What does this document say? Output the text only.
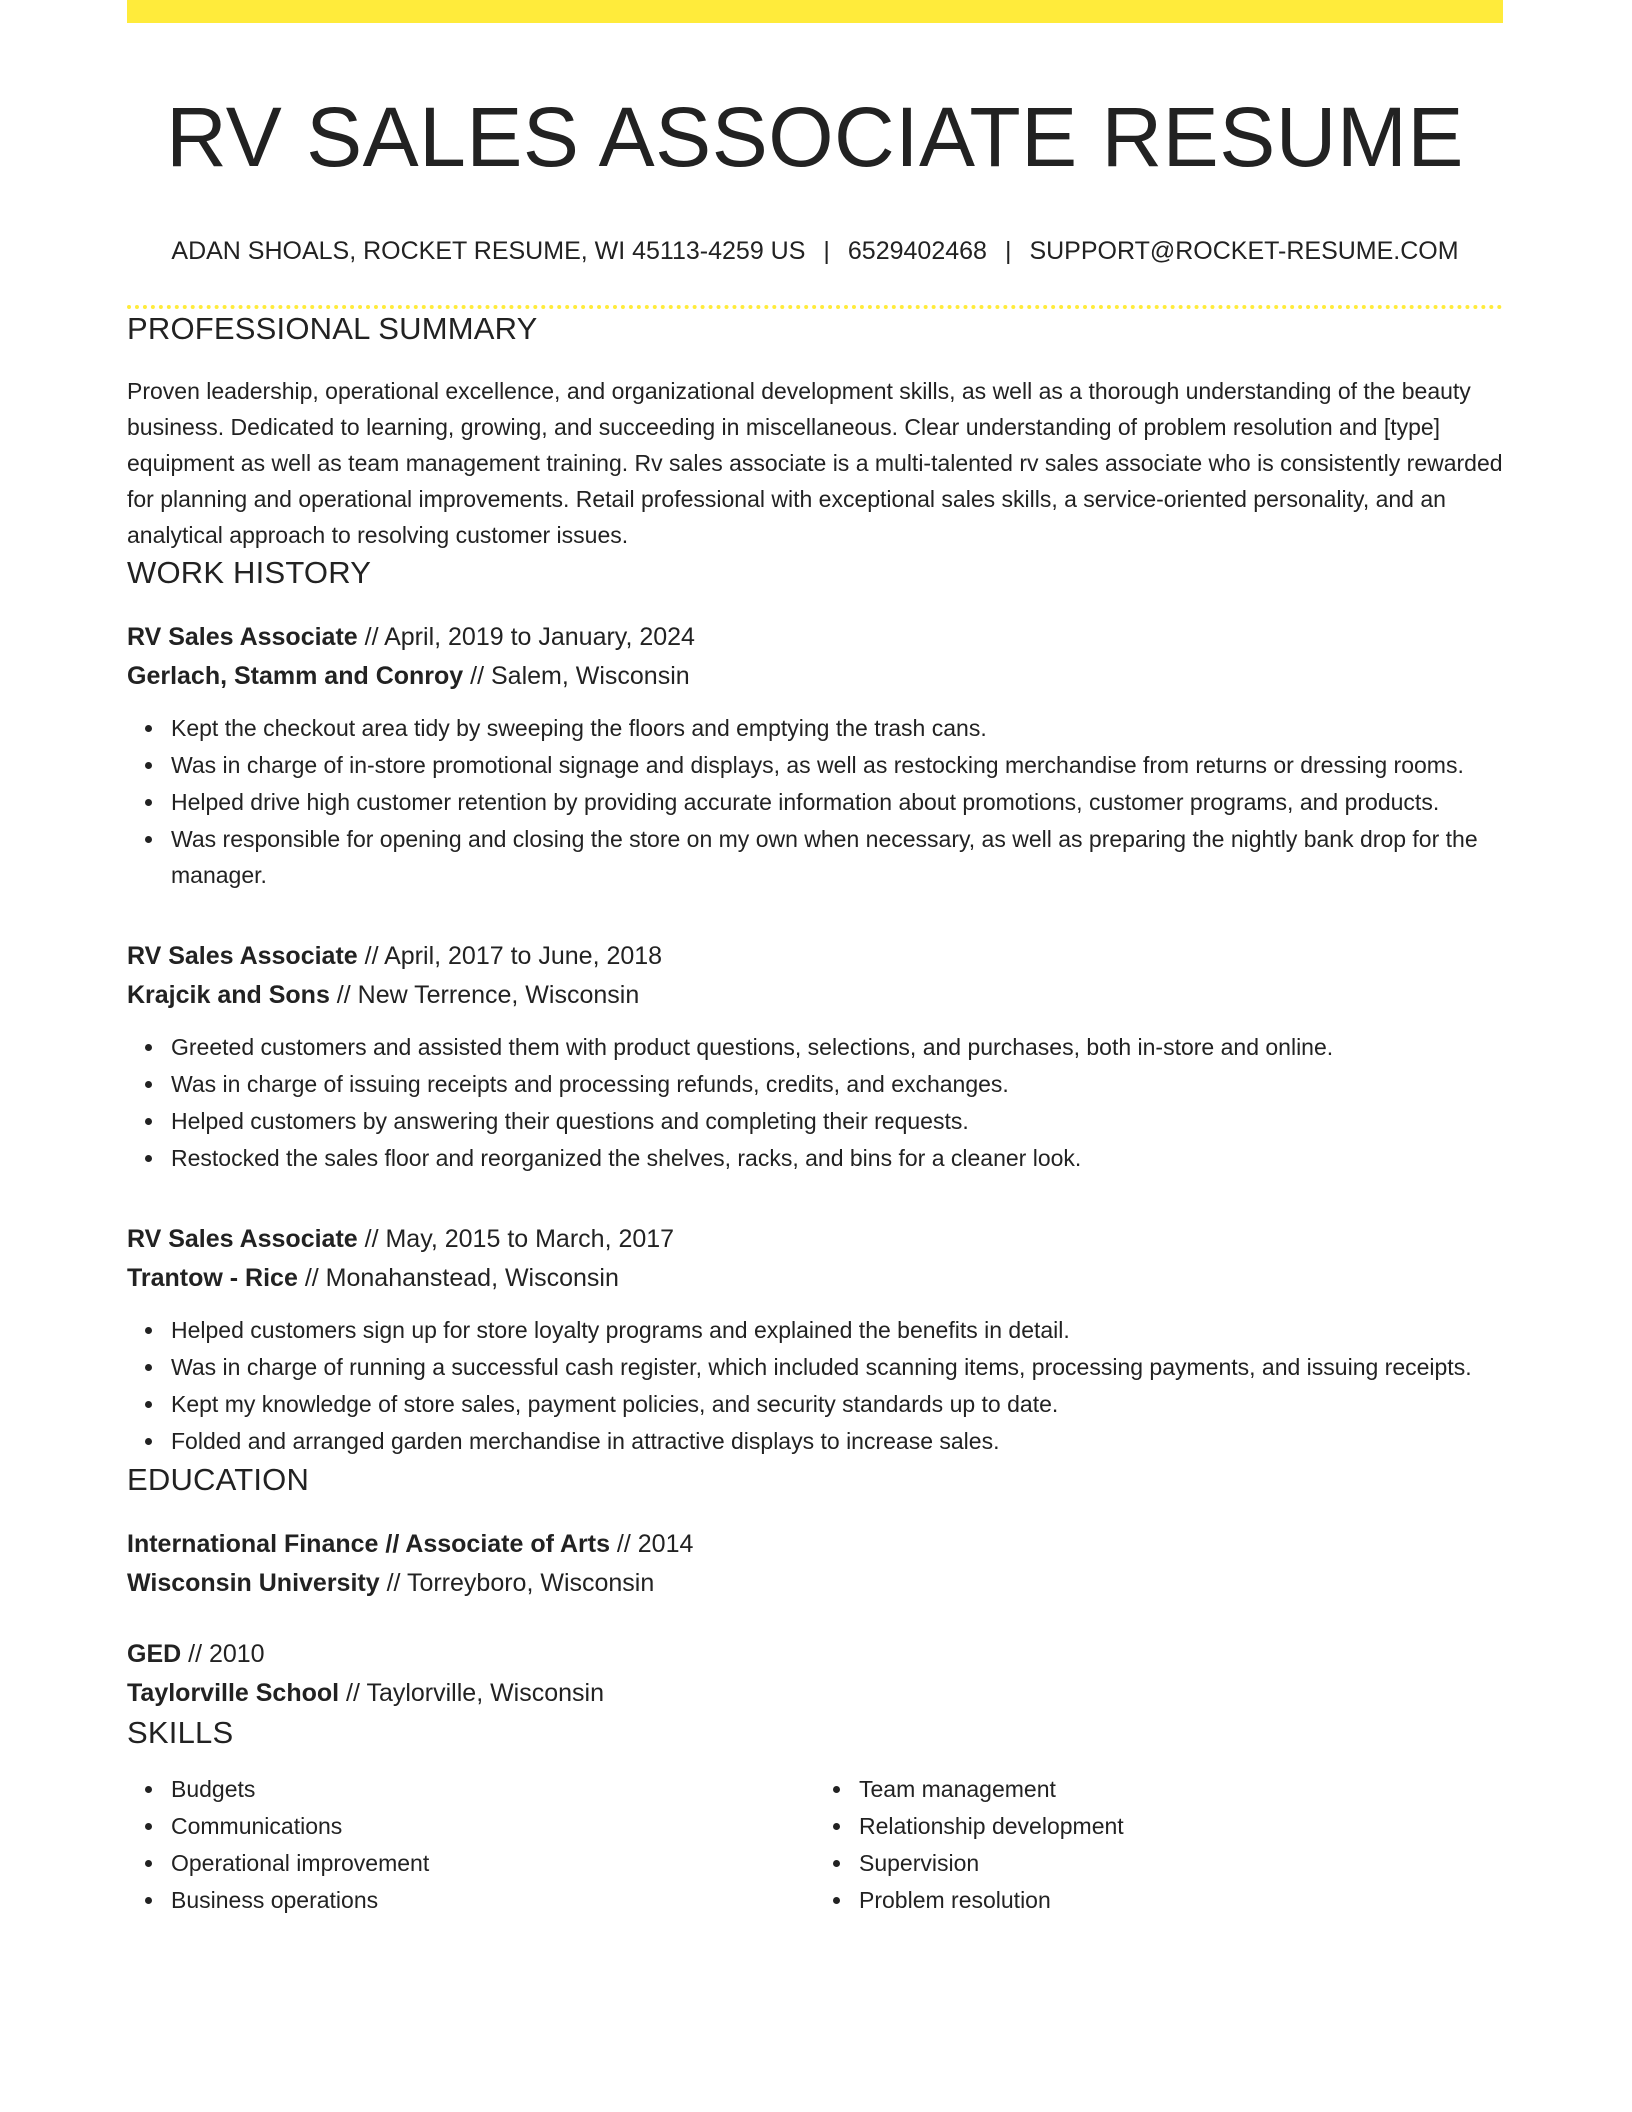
RV SALES ASSOCIATE RESUME
ADAN SHOALS, ROCKET RESUME, WI 45113-4259 US | 6529402468 | SUPPORT@ROCKET-RESUME.COM
PROFESSIONAL SUMMARY

Proven leadership, operational excellence, and organizational development skills, as well as a thorough understanding of the beauty business. Dedicated to learning, growing, and succeeding in miscellaneous. Clear understanding of problem resolution and [type] equipment as well as team management training. Rv sales associate is a multi-talented rv sales associate who is consistently rewarded for planning and operational improvements. Retail professional with exceptional sales skills, a service-oriented personality, and an analytical approach to resolving customer issues.

WORK HISTORY
RV Sales Associate // April, 2019 to January, 2024
Gerlach, Stamm and Conroy // Salem, Wisconsin
Kept the checkout area tidy by sweeping the floors and emptying the trash cans.
Was in charge of in-store promotional signage and displays, as well as restocking merchandise from returns or dressing rooms.
Helped drive high customer retention by providing accurate information about promotions, customer programs, and products.
Was responsible for opening and closing the store on my own when necessary, as well as preparing the nightly bank drop for the manager.
RV Sales Associate // April, 2017 to June, 2018
Krajcik and Sons // New Terrence, Wisconsin
Greeted customers and assisted them with product questions, selections, and purchases, both in-store and online.
Was in charge of issuing receipts and processing refunds, credits, and exchanges.
Helped customers by answering their questions and completing their requests.
Restocked the sales floor and reorganized the shelves, racks, and bins for a cleaner look.
RV Sales Associate // May, 2015 to March, 2017
Trantow - Rice // Monahanstead, Wisconsin
Helped customers sign up for store loyalty programs and explained the benefits in detail.
Was in charge of running a successful cash register, which included scanning items, processing payments, and issuing receipts.
Kept my knowledge of store sales, payment policies, and security standards up to date.
Folded and arranged garden merchandise in attractive displays to increase sales.
EDUCATION
International Finance // Associate of Arts // 2014
Wisconsin University // Torreyboro, Wisconsin
GED // 2010
Taylorville School // Taylorville, Wisconsin
SKILLS
Budgets
Communications
Operational improvement
Business operations
Team management
Relationship development
Supervision
Problem resolution
